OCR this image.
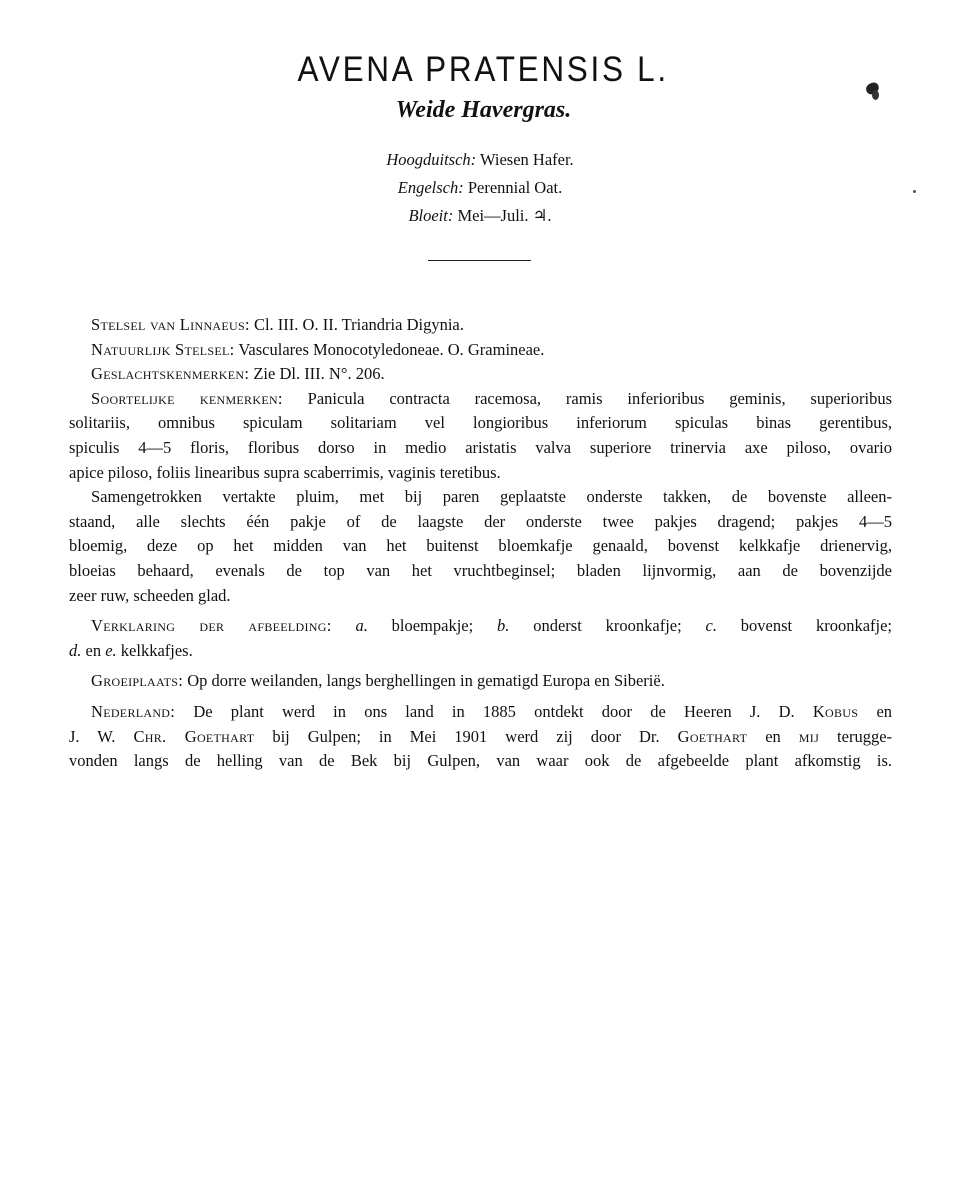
AVENA PRATENSIS L.
Weide Havergras.
Hoogduitsch: Wiesen Hafer.
Engelsch: Perennial Oat.
Bloeit: Mei—Juli. ♃.
Stelsel van Linnaeus: Cl. III. O. II. Triandria Digynia.
Natuurlijk Stelsel: Vasculares Monocotyledoneae. O. Gramineae.
Geslachtskenmerken: Zie Dl. III. N°. 206.
Soortelijke kenmerken: Panicula contracta racemosa, ramis inferioribus geminis, superioribus
solitariis, omnibus spiculam solitariam vel longioribus inferiorum spiculas binas gerentibus,
spiculis 4—5 floris, floribus dorso in medio aristatis valva superiore trinervia axe piloso, ovario
apice piloso, foliis linearibus supra scaberrimis, vaginis teretibus.
Samengetrokken vertakte pluim, met bij paren geplaatste onderste takken, de bovenste alleen-
staand, alle slechts één pakje of de laagste der onderste twee pakjes dragend; pakjes 4—5
bloemig, deze op het midden van het buitenst bloemkafje genaald, bovenst kelkkafje drienervig,
bloeias behaard, evenals de top van het vruchtbeginsel; bladen lijnvormig, aan de bovenzijde
zeer ruw, scheeden glad.
Verklaring der afbeelding: a. bloempakje; b. onderst kroonkafje; c. bovenst kroonkafje;
d. en e. kelkkafjes.
Groeiplaats: Op dorre weilanden, langs berghellingen in gematigd Europa en Siberië.
Nederland: De plant werd in ons land in 1885 ontdekt door de Heeren J. D. Kobus en
J. W. Chr. Goethart bij Gulpen; in Mei 1901 werd zij door Dr. Goethart en mij terugge-
vonden langs de helling van de Bek bij Gulpen, van waar ook de afgebeelde plant afkomstig is.
